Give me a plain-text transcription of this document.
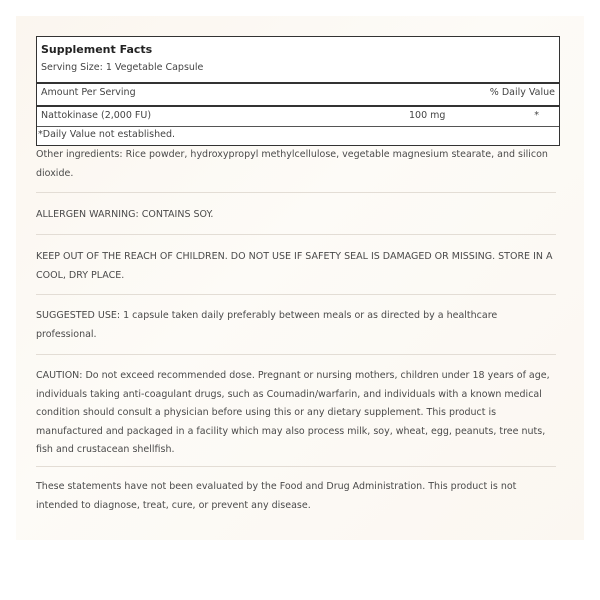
Supplement Facts
Serving Size: 1 Vegetable Capsule
Amount Per Serving	% Daily Value
Nattokinase (2,000 FU)	100 mg	*
*Daily Value not established.
Other ingredients: Rice powder, hydroxypropyl methylcellulose, vegetable magnesium stearate, and silicon dioxide.
ALLERGEN WARNING: CONTAINS SOY.
KEEP OUT OF THE REACH OF CHILDREN. DO NOT USE IF SAFETY SEAL IS DAMAGED OR MISSING. STORE IN A COOL, DRY PLACE.
SUGGESTED USE: 1 capsule taken daily preferably between meals or as directed by a healthcare professional.
CAUTION: Do not exceed recommended dose. Pregnant or nursing mothers, children under 18 years of age, individuals taking anti-coagulant drugs, such as Coumadin/warfarin, and individuals with a known medical condition should consult a physician before using this or any dietary supplement. This product is manufactured and packaged in a facility which may also process milk, soy, wheat, egg, peanuts, tree nuts, fish and crustacean shellfish.
These statements have not been evaluated by the Food and Drug Administration. This product is not intended to diagnose, treat, cure, or prevent any disease.
